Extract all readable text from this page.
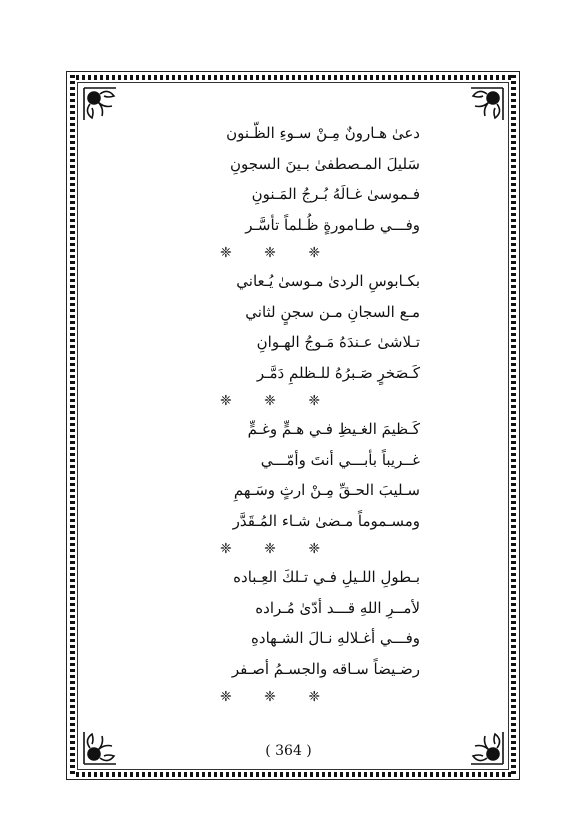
دعىٰ هـارونٌ مِـنْ سـوءِ الظّـنون
سَليلَ المـصطفىٰ بـينَ السجونِ
فـموسىٰ غـالَهُ بُـرجُ المَـنونِ
وفـــي طـامورةٍ ظُـلماً تأسَّـر
❈ ❈ ❈
بكـابوسِ الردىٰ مـوسىٰ يُـعاني
مـع السجانِ مـن سجنٍ لثاني
تـلاشىٰ عـندَهُ مَـوجُ الهـوانِ
كَـصَخرٍ صَـبرُهُ للـظلمِ دَمَّـر
❈ ❈ ❈
كَـظيمَ الغـيظِ فـي هـمٍّ وغـمٍّ
غــريباً بأبـــي أنتَ وأمّـــي
سـليبَ الحـقِّ مِـنْ ارثٍ وسَـهمِ
ومسـموماً مـضىٰ شـاء المُـقَدَّر
❈ ❈ ❈
بـطولِ اللـيلِ فـي تـلكَ العِـباده
لأمــرِ اللهِ قـــد أدّىٰ مُـراده
وفـــي أغـلالهِ نـالَ الشـهادهِ
رضـيضاً سـاقه والجسـمُ أصـفر
❈ ❈ ❈
( 364 )
